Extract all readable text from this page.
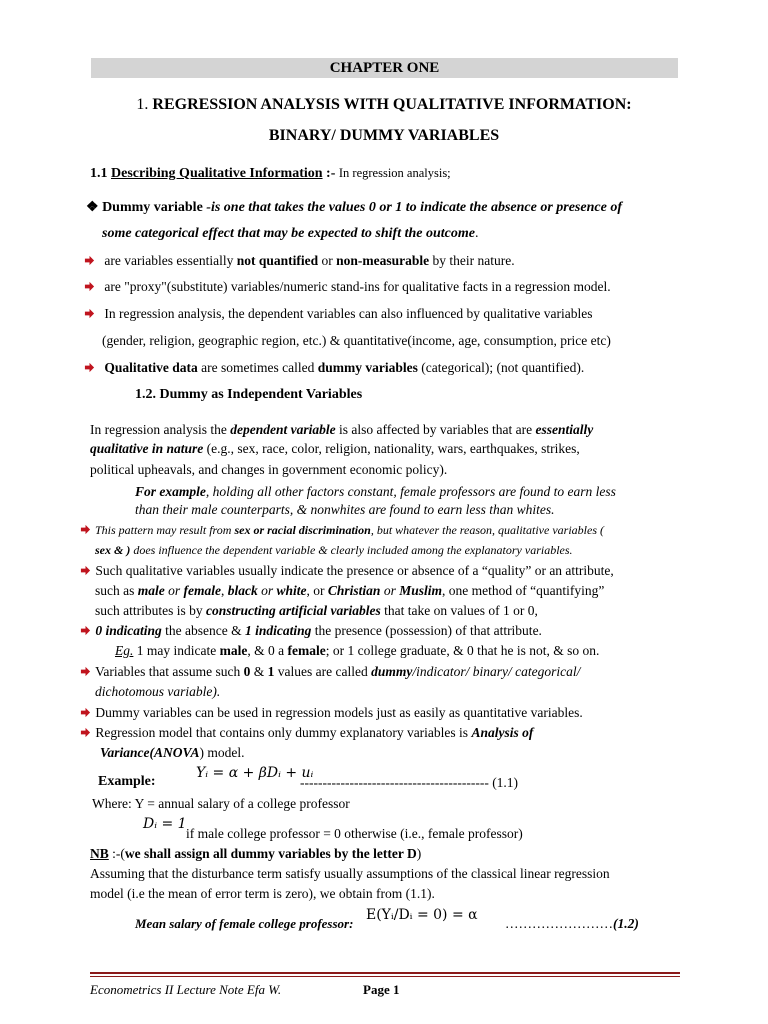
CHAPTER ONE
1. REGRESSION ANALYSIS WITH QUALITATIVE INFORMATION:
BINARY/ DUMMY VARIABLES
1.1 Describing Qualitative Information :- In regression analysis;
❖ Dummy variable -is one that takes the values 0 or 1 to indicate the absence or presence of
some categorical effect that may be expected to shift the outcome.
are variables essentially not quantified or non-measurable by their nature.
are "proxy"(substitute) variables/numeric stand-ins for qualitative facts in a regression model.
In regression analysis, the dependent variables can also influenced by qualitative variables
(gender, religion, geographic region, etc.) & quantitative(income, age, consumption, price etc)
Qualitative data are sometimes called dummy variables (categorical); (not quantified).
1.2. Dummy as Independent Variables
In regression analysis the dependent variable is also affected by variables that are essentially
qualitative in nature (e.g., sex, race, color, religion, nationality, wars, earthquakes, strikes,
political upheavals, and changes in government economic policy).
For example, holding all other factors constant, female professors are found to earn less
than their male counterparts, & nonwhites are found to earn less than whites.
This pattern may result from sex or racial discrimination, but whatever the reason, qualitative variables (
sex & ) does influence the dependent variable & clearly included among the explanatory variables.
Such qualitative variables usually indicate the presence or absence of a “quality” or an attribute,
such as male or female, black or white, or Christian or Muslim, one method of “quantifying”
such attributes is by constructing artificial variables that take on values of 1 or 0,
0 indicating the absence & 1 indicating the presence (possession) of that attribute.
Eg. 1 may indicate male, & 0 a female; or 1 college graduate, & 0 that he is not, & so on.
Variables that assume such 0 & 1 values are called dummy/indicator/ binary/ categorical/
dichotomous variable).
Dummy variables can be used in regression models just as easily as quantitative variables.
Regression model that contains only dummy explanatory variables is Analysis of
Variance(ANOVA) model.
Example:
Yᵢ = α + βDᵢ + uᵢ
------------------------------------------ (1.1)
Where: Y = annual salary of a college professor
Dᵢ = 1
if male college professor = 0 otherwise (i.e., female professor)
NB :-(we shall assign all dummy variables by the letter D)
Assuming that the disturbance term satisfy usually assumptions of the classical linear regression
model (i.e the mean of error term is zero), we obtain from (1.1).
Mean salary of female college professor:
E(Yᵢ/Dᵢ = 0) = α
……………………(1.2)
Econometrics II Lecture Note Efa W.	Page 1
